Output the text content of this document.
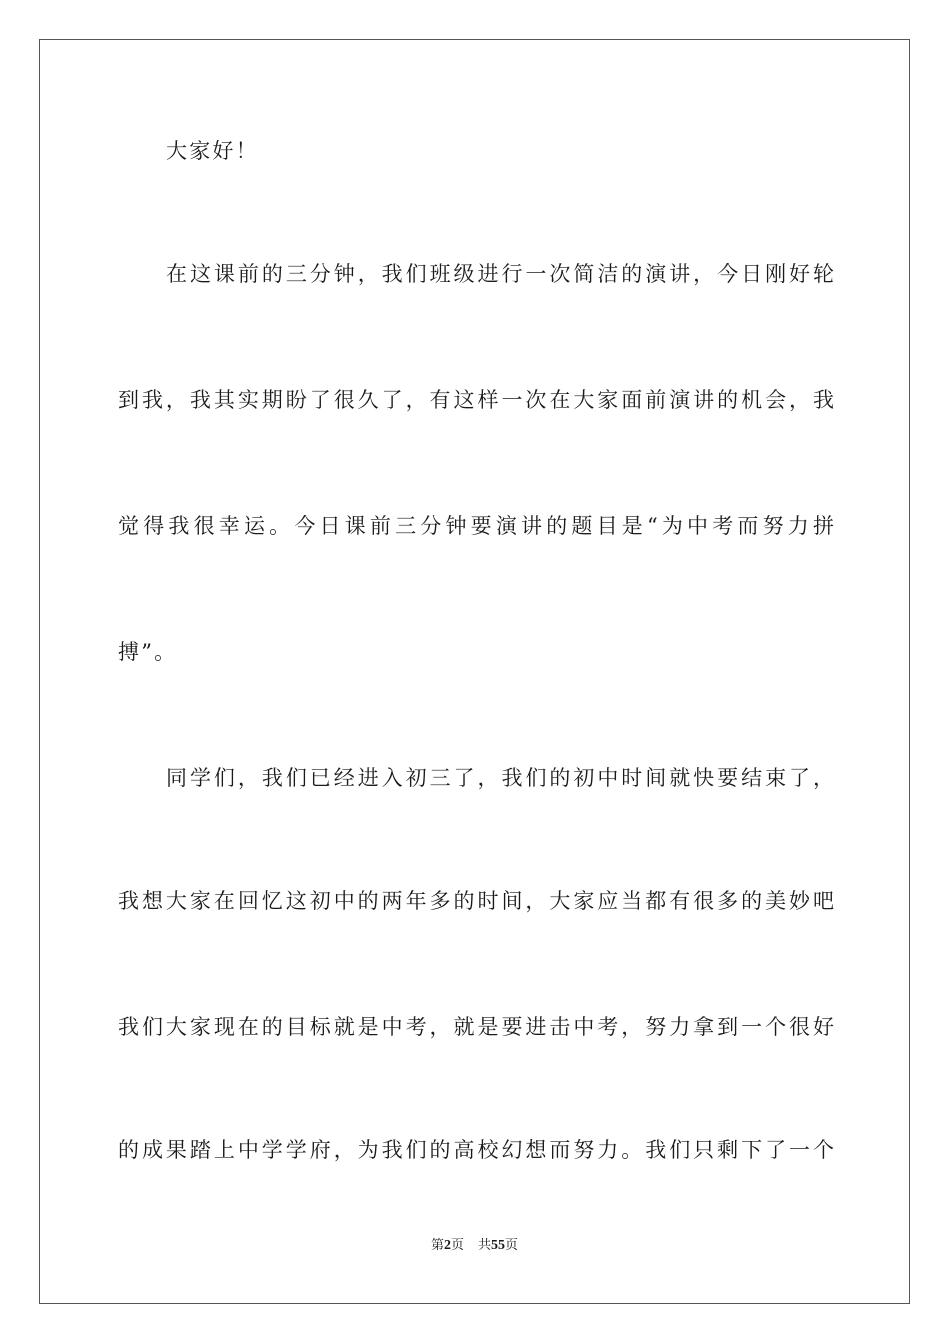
大家好！
在这课前的三分钟，我们班级进行一次简洁的演讲，今日刚好轮
到我，我其实期盼了很久了，有这样一次在大家面前演讲的机会，我
觉得我很幸运。今日课前三分钟要演讲的题目是“为中考而努力拼
搏”。
同学们，我们已经进入初三了，我们的初中时间就快要结束了，
我想大家在回忆这初中的两年多的时间，大家应当都有很多的美妙吧
我们大家现在的目标就是中考，就是要进击中考，努力拿到一个很好
的成果踏上中学学府，为我们的高校幻想而努力。我们只剩下了一个
第2页 共55页
